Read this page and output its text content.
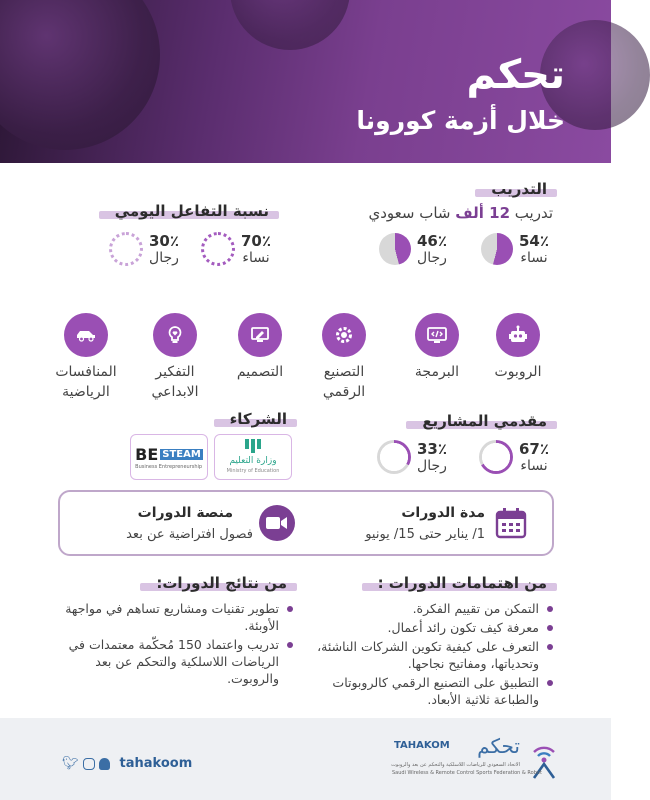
تحكم
خلال أزمة كورونا
التدريب
تدريب 12 ألف شاب سعودي
54٪
نساء
46٪
رجال
نسبة التفاعل اليومي
70٪
نساء
30٪
رجال
الروبوت
البرمجة
التصنيع
الرقمي
التصميم
التفكير
الابداعي
المنافسات
الرياضية
مقدمي المشاريع
67٪
نساء
33٪
رجال
الشركاء
وزارة التعليم
Ministry of Education
BE STEAM
Business Entrepreneurship
مدة الدورات
1/ يناير حتى 15/ يونيو
منصة الدورات
فصول افتراضية عن بعد
من اهتمامات الدورات :
التمكن من تقييم الفكرة.
معرفة كيف تكون رائد أعمال.
التعرف على كيفية تكوين الشركات الناشئة، وتحدياتها، ومفاتيح نجاحها.
التطبيق على التصنيع الرقمي كالروبوتات والطباعة ثلاثية الأبعاد.
من نتائج الدورات:
تطوير تقنيات ومشاريع تساهم في مواجهة الأوبئة.
تدريب واعتماد 150 مُحكّمة معتمدات في الرياضات اللاسلكية والتحكم عن بعد والروبوت.
🐦︎	tahakoom
تحكم
TAHAKOM
الاتحاد السعودي للرياضات اللاسلكية والتحكم عن بعد والروبوت
Saudi Wireless & Remote Control Sports Federation & Robot
